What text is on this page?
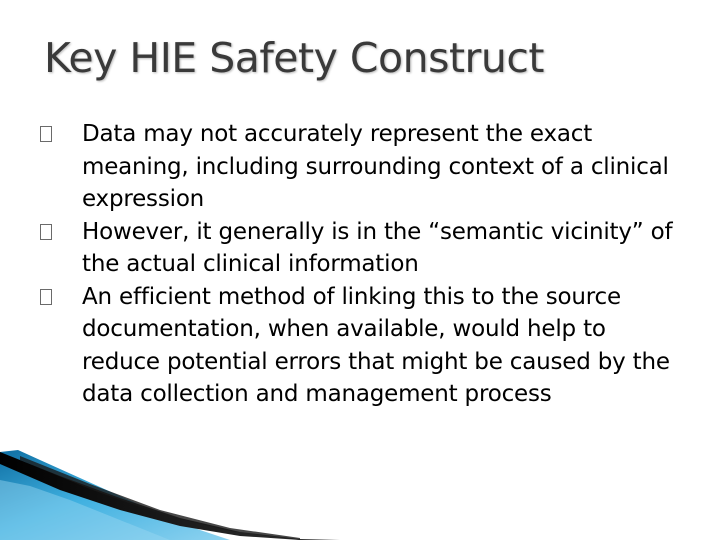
Key HIE Safety Construct
Data may not accurately represent the exact meaning, including surrounding context of a clinical expression
However, it generally is in the “semantic vicinity” of the actual clinical information
An efficient method of linking this to the source documentation, when available, would help to reduce potential errors that might be caused by the data collection and management process
